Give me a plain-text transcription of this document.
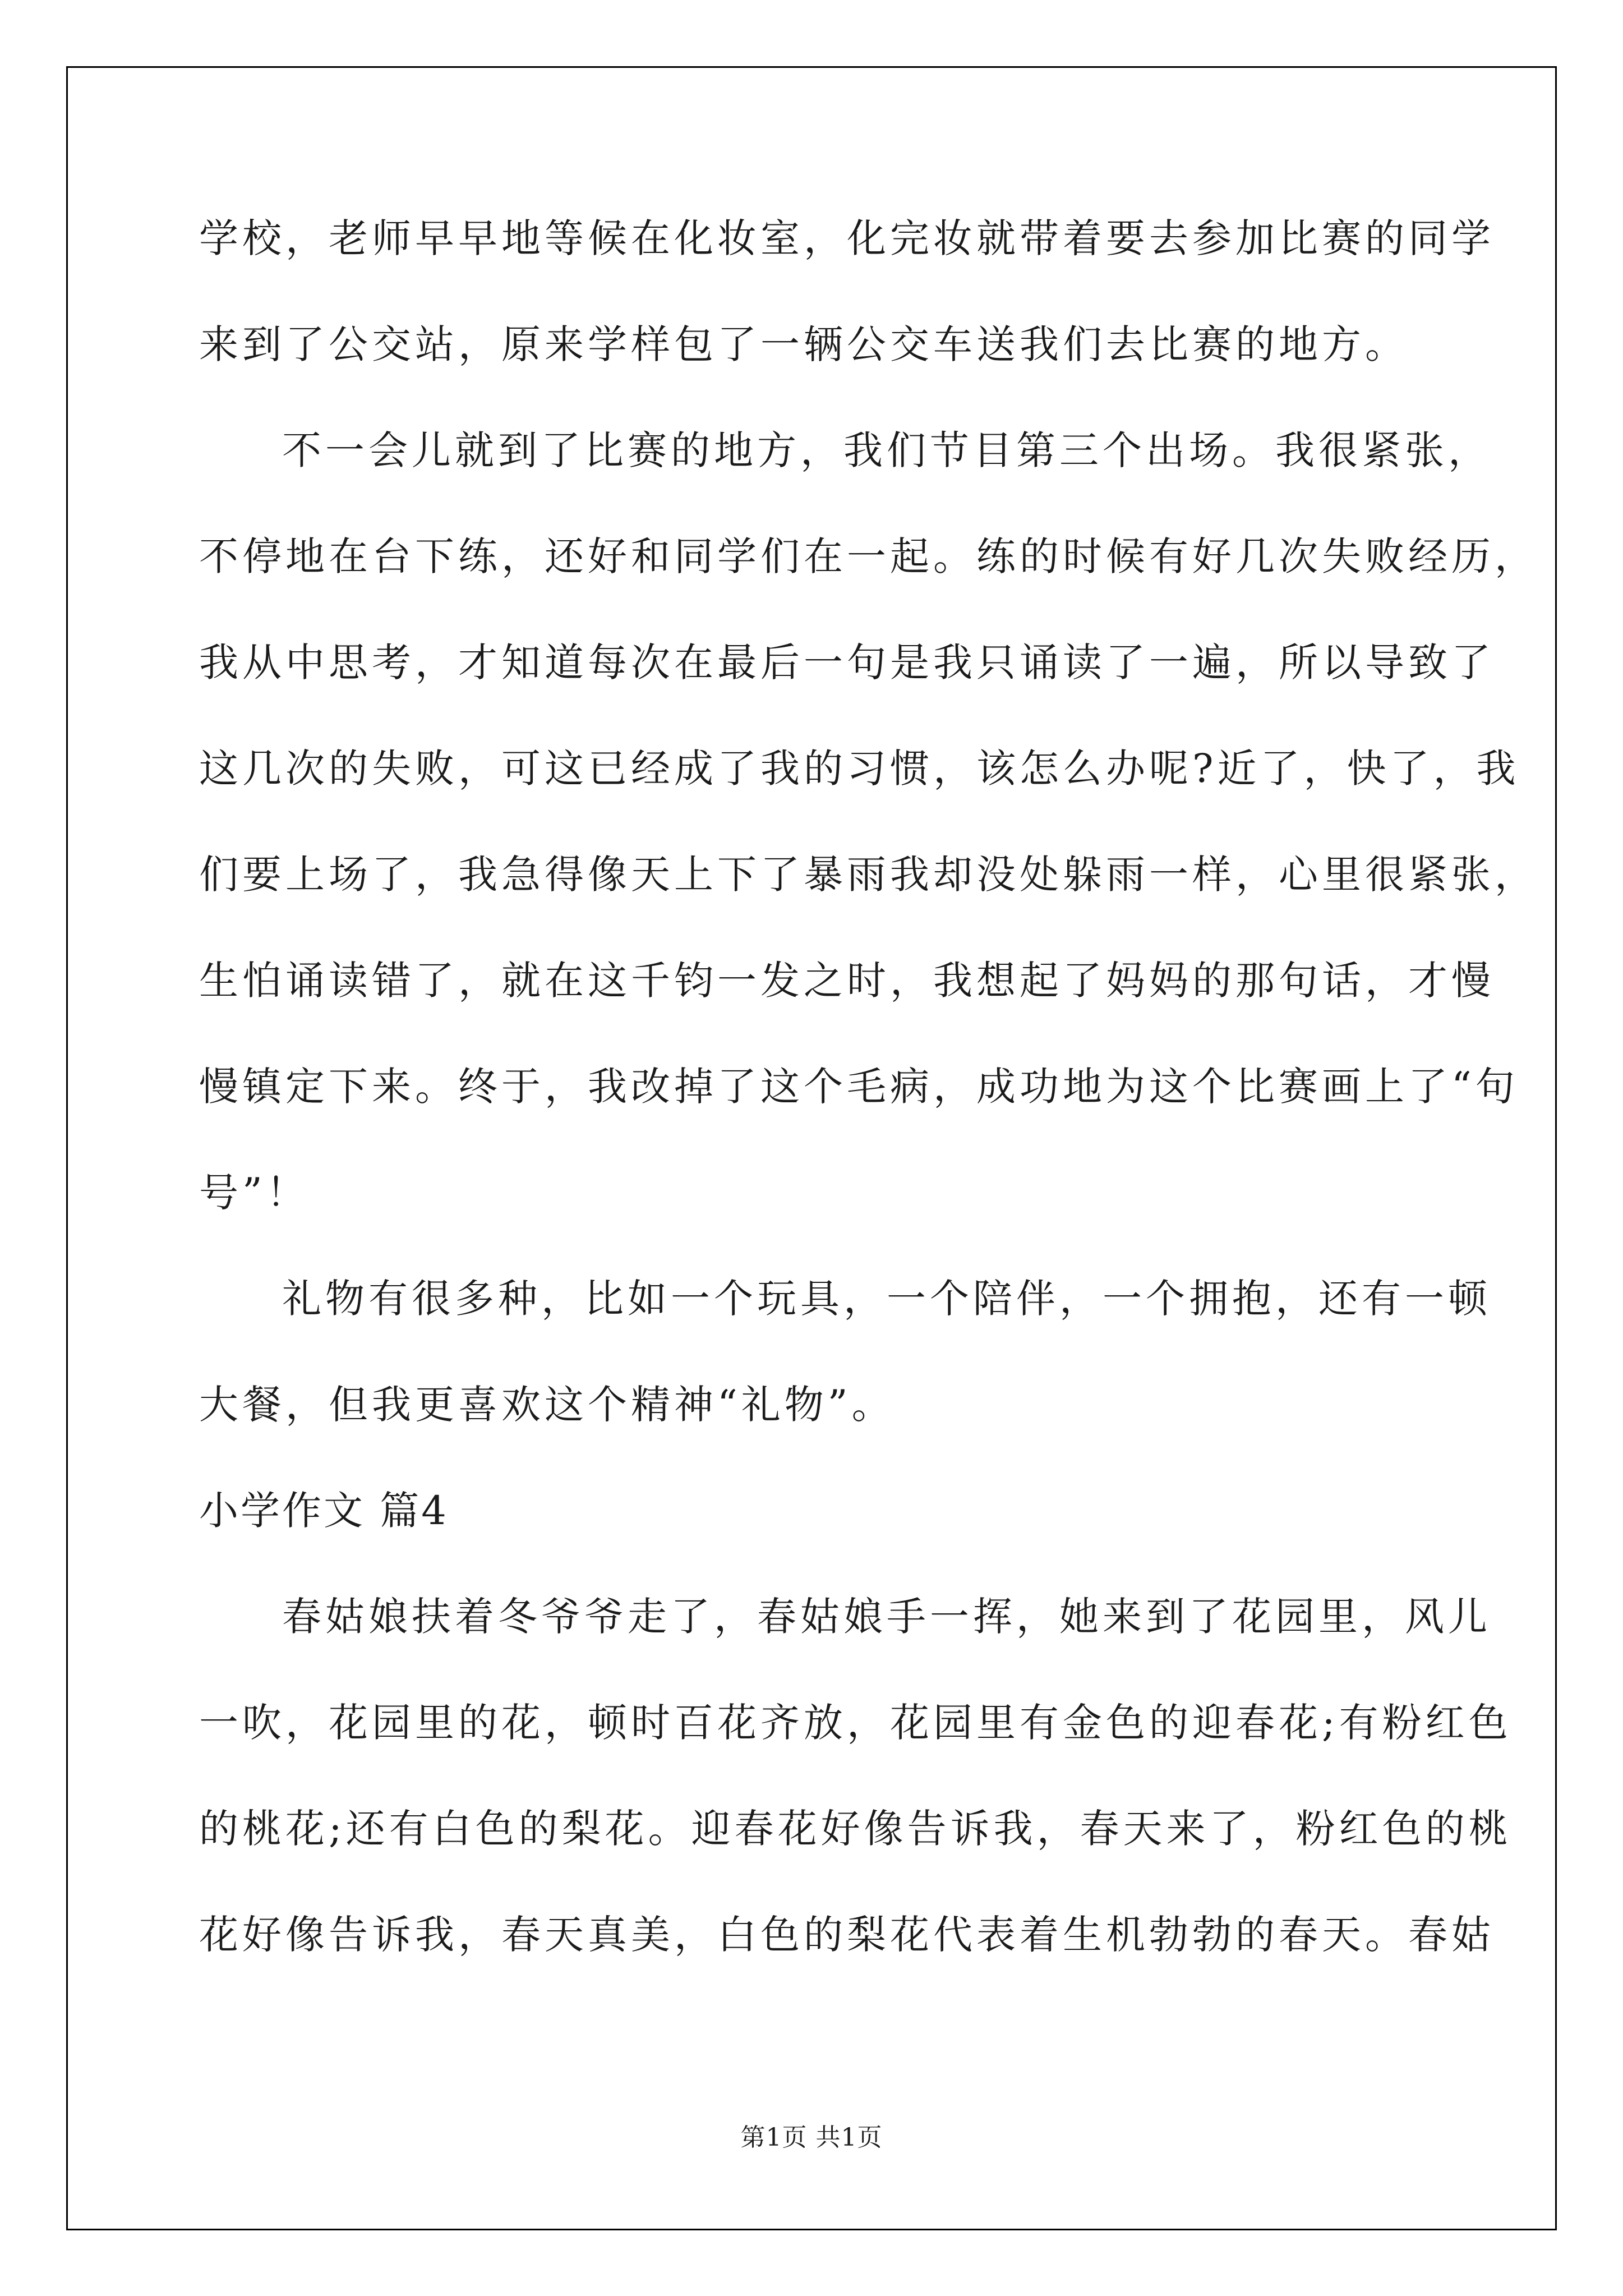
学校，老师早早地等候在化妆室，化完妆就带着要去参加比赛的同学
来到了公交站，原来学样包了一辆公交车送我们去比赛的地方。
不一会儿就到了比赛的地方，我们节目第三个出场。我很紧张，
不停地在台下练，还好和同学们在一起。练的时候有好几次失败经历，
我从中思考，才知道每次在最后一句是我只诵读了一遍，所以导致了
这几次的失败，可这已经成了我的习惯，该怎么办呢?近了，快了，我
们要上场了，我急得像天上下了暴雨我却没处躲雨一样，心里很紧张，
生怕诵读错了，就在这千钧一发之时，我想起了妈妈的那句话，才慢
慢镇定下来。终于，我改掉了这个毛病，成功地为这个比赛画上了“句
号”！
礼物有很多种，比如一个玩具，一个陪伴，一个拥抱，还有一顿
大餐，但我更喜欢这个精神“礼物”。
小学作文 篇4
春姑娘扶着冬爷爷走了，春姑娘手一挥，她来到了花园里，风儿
一吹，花园里的花，顿时百花齐放，花园里有金色的迎春花;有粉红色
的桃花;还有白色的梨花。迎春花好像告诉我，春天来了，粉红色的桃
花好像告诉我，春天真美，白色的梨花代表着生机勃勃的春天。春姑
第1页 共1页
